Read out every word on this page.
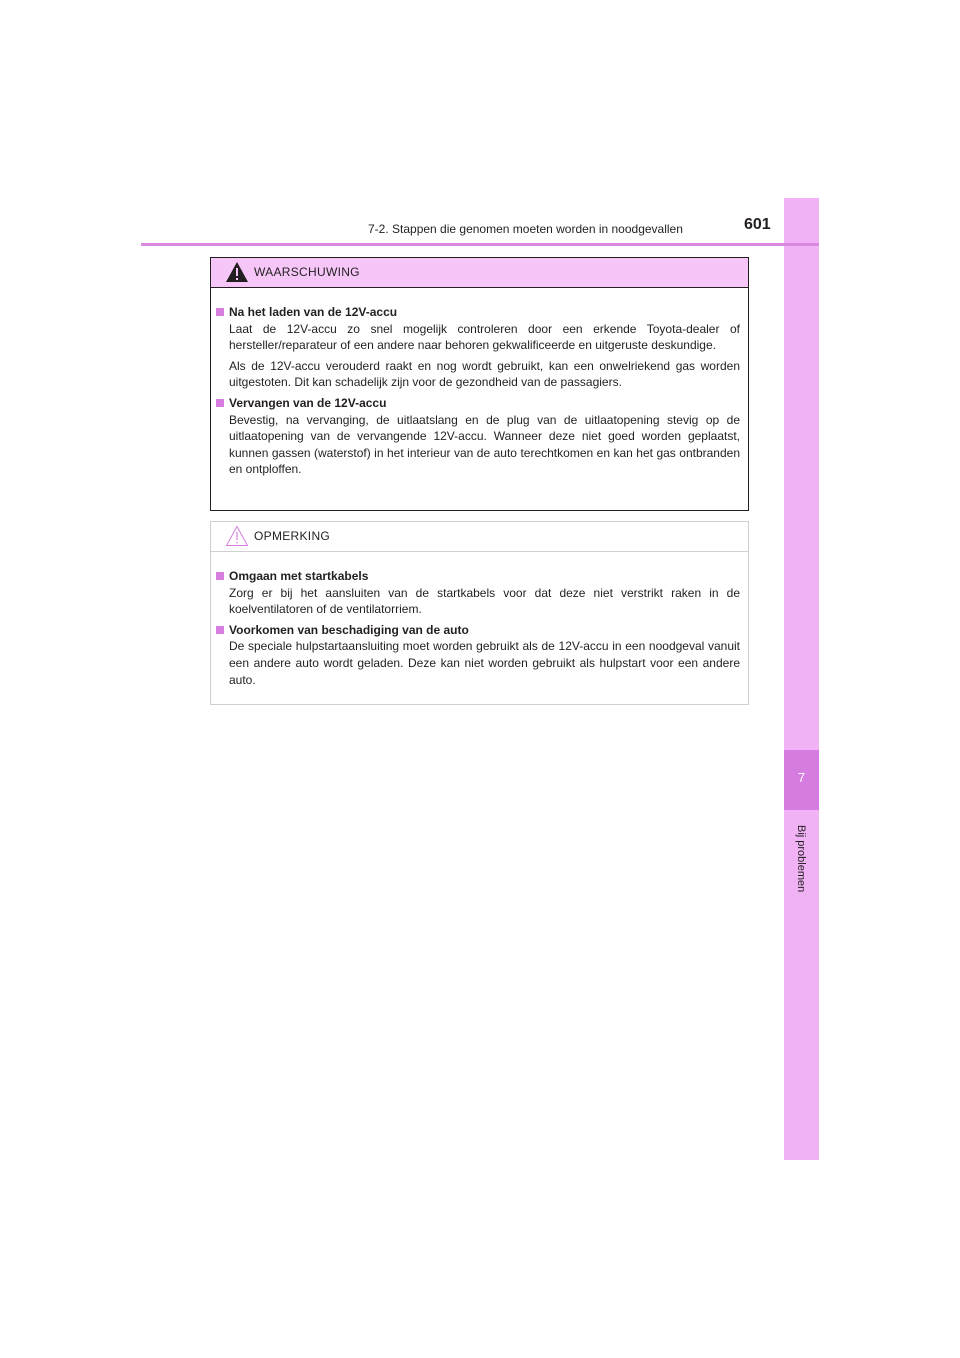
7
Bij problemen
7-2. Stappen die genomen moeten worden in noodgevallen	601
WAARSCHUWING
Na het laden van de 12V-accu

Laat de 12V-accu zo snel mogelijk controleren door een erkende Toyota-dealer of hersteller/reparateur of een andere naar behoren gekwalificeerde en uitgeruste deskundige.

Als de 12V-accu verouderd raakt en nog wordt gebruikt, kan een onwelriekend gas worden uitgestoten. Dit kan schadelijk zijn voor de gezondheid van de passagiers.

Vervangen van de 12V-accu

Bevestig, na vervanging, de uitlaatslang en de plug van de uitlaatopening stevig op de uitlaatopening van de vervangende 12V-accu. Wanneer deze niet goed worden geplaatst, kunnen gassen (waterstof) in het interieur van de auto terechtkomen en kan het gas ontbranden en ontploffen.

OPMERKING
Omgaan met startkabels

Zorg er bij het aansluiten van de startkabels voor dat deze niet verstrikt raken in de koelventilatoren of de ventilatorriem.

Voorkomen van beschadiging van de auto

De speciale hulpstartaansluiting moet worden gebruikt als de 12V-accu in een noodgeval vanuit een andere auto wordt geladen. Deze kan niet worden gebruikt als hulpstart voor een andere auto.
